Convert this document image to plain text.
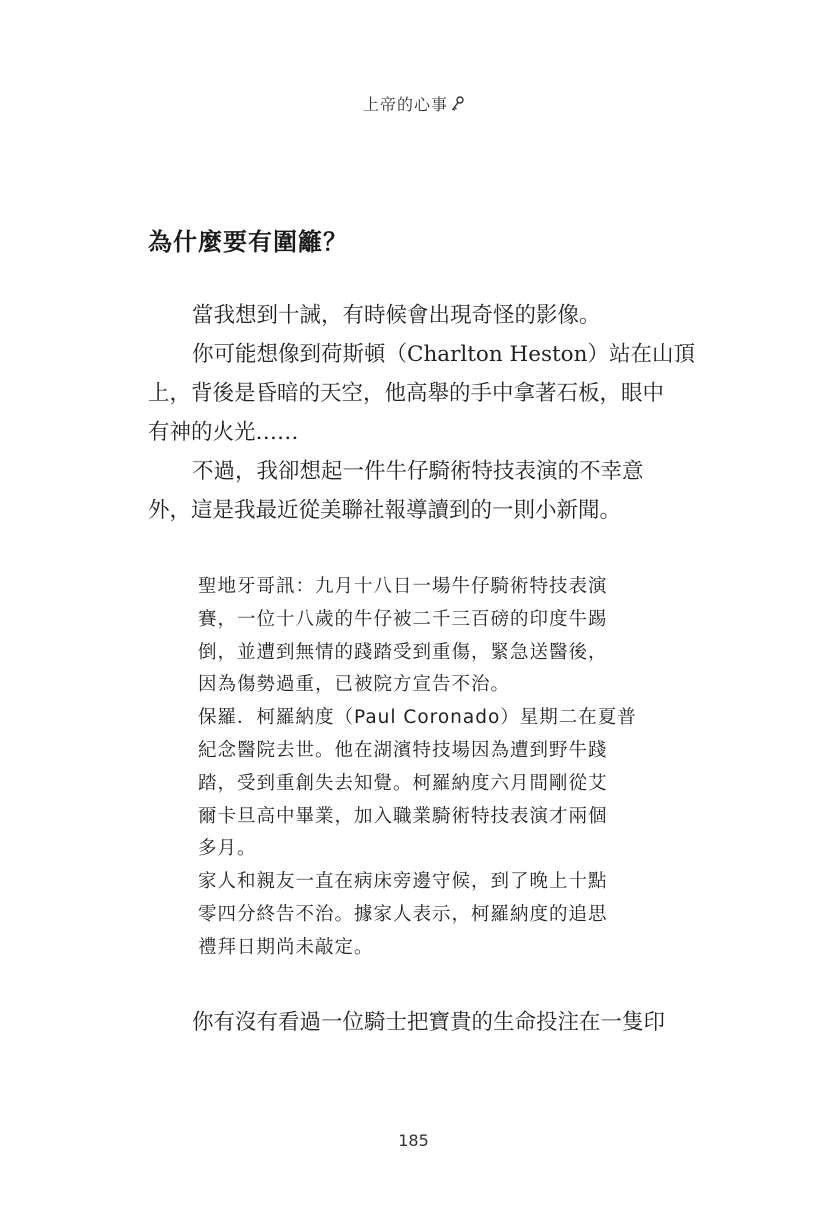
上帝的心事
為什麼要有圍籬？
當我想到十誡，有時候會出現奇怪的影像。
你可能想像到荷斯頓（Charlton Heston）站在山頂
上，背後是昏暗的天空，他高舉的手中拿著石板，眼中
有神的火光……
不過，我卻想起一件牛仔騎術特技表演的不幸意
外，這是我最近從美聯社報導讀到的一則小新聞。
聖地牙哥訊：九月十八日一場牛仔騎術特技表演
賽，一位十八歲的牛仔被二千三百磅的印度牛踢
倒，並遭到無情的踐踏受到重傷，緊急送醫後，
因為傷勢過重，已被院方宣告不治。
保羅．柯羅納度（Paul Coronado）星期二在夏普
紀念醫院去世。他在湖濱特技場因為遭到野牛踐
踏，受到重創失去知覺。柯羅納度六月間剛從艾
爾卡旦高中畢業，加入職業騎術特技表演才兩個
多月。
家人和親友一直在病床旁邊守候，到了晚上十點
零四分終告不治。據家人表示，柯羅納度的追思
禮拜日期尚未敲定。
你有沒有看過一位騎士把寶貴的生命投注在一隻印
185
